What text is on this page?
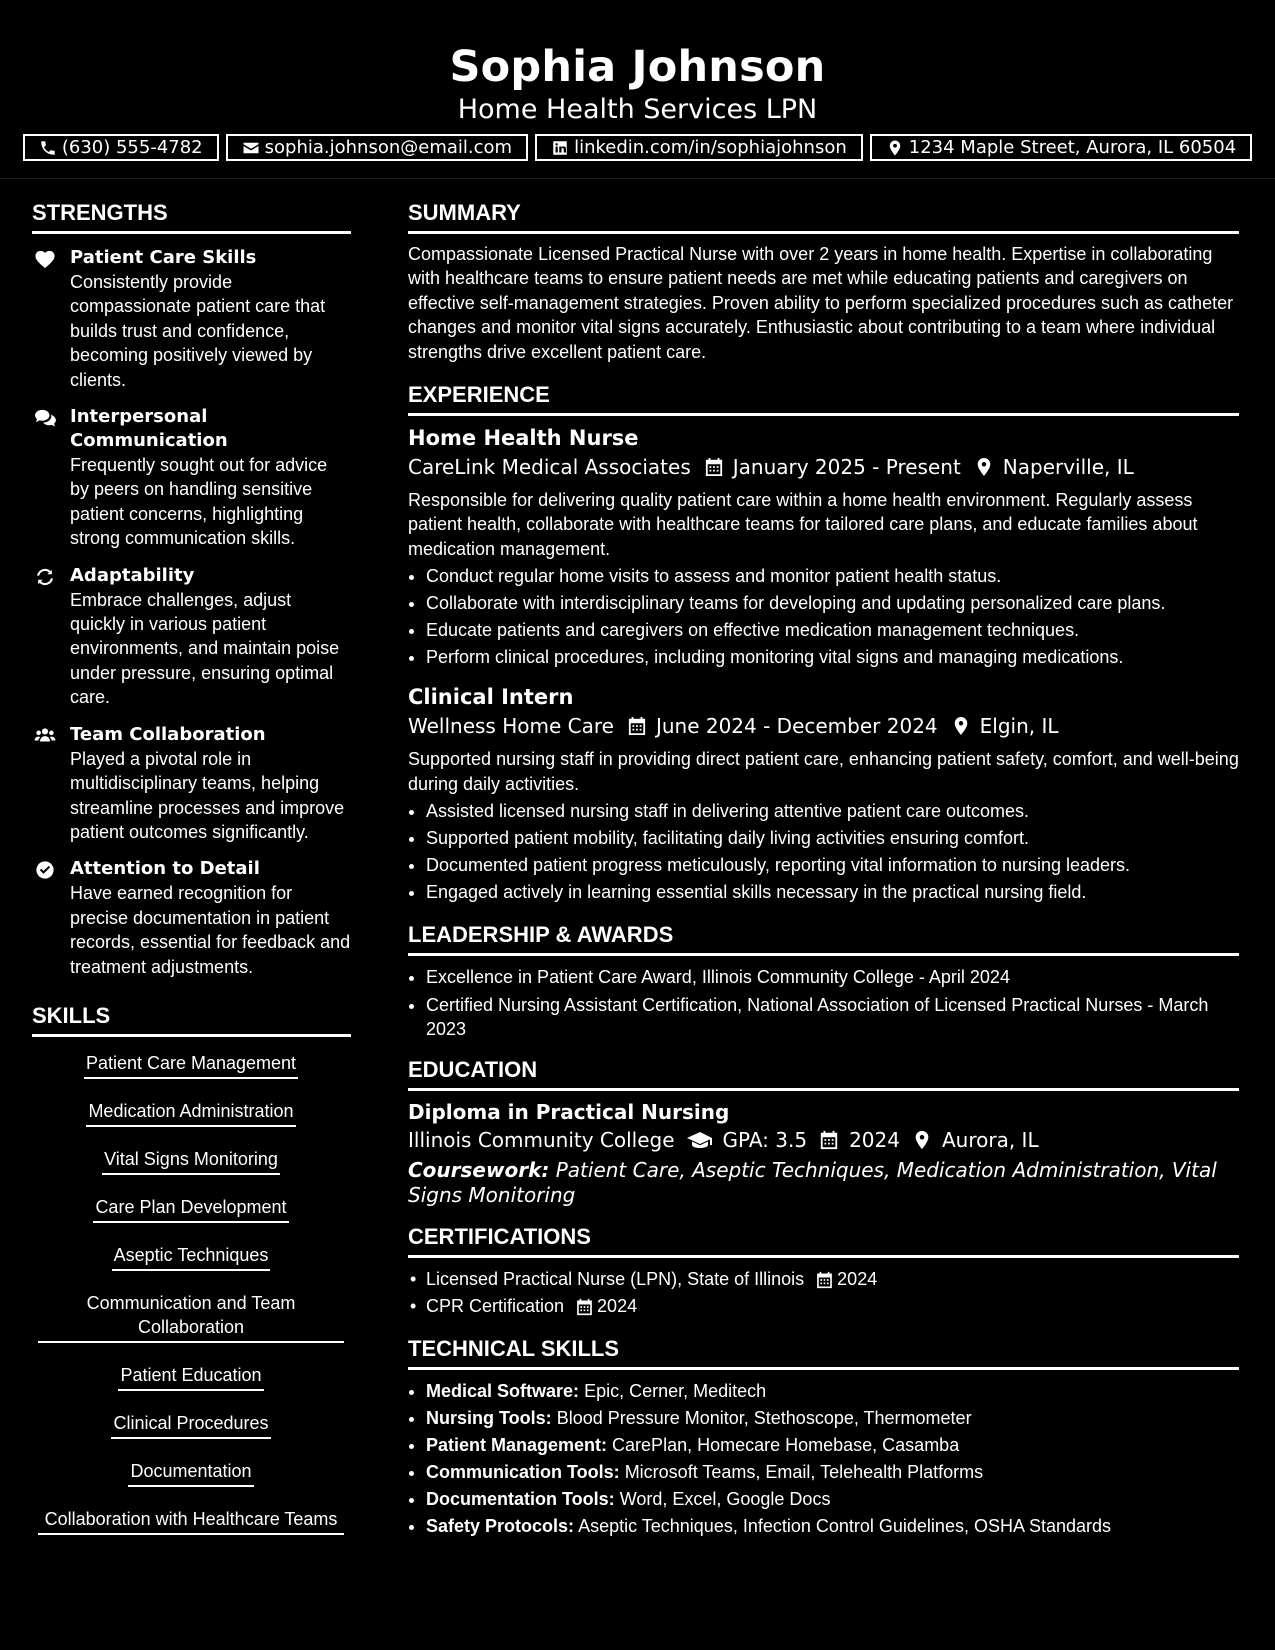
Sophia Johnson
Home Health Services LPN
(630) 555-4782	sophia.johnson@email.com	linkedin.com/in/sophiajohnson	1234 Maple Street, Aurora, IL 60504
STRENGTHS
Patient Care Skills
Consistently provide compassionate patient care that builds trust and confidence, becoming positively viewed by clients.
Interpersonal Communication
Frequently sought out for advice by peers on handling sensitive patient concerns, highlighting strong communication skills.
Adaptability
Embrace challenges, adjust quickly in various patient environments, and maintain poise under pressure, ensuring optimal care.
Team Collaboration
Played a pivotal role in multidisciplinary teams, helping streamline processes and improve patient outcomes significantly.
Attention to Detail
Have earned recognition for precise documentation in patient records, essential for feedback and treatment adjustments.
SKILLS
Patient Care Management
Medication Administration
Vital Signs Monitoring
Care Plan Development
Aseptic Techniques
Communication and Team Collaboration
Patient Education
Clinical Procedures
Documentation
Collaboration with Healthcare Teams
SUMMARY
Compassionate Licensed Practical Nurse with over 2 years in home health. Expertise in collaborating with healthcare teams to ensure patient needs are met while educating patients and caregivers on effective self-management strategies. Proven ability to perform specialized procedures such as catheter changes and monitor vital signs accurately. Enthusiastic about contributing to a team where individual strengths drive excellent patient care.
EXPERIENCE
Home Health Nurse
CareLink Medical Associates January 2025 - Present Naperville, IL
Responsible for delivering quality patient care within a home health environment. Regularly assess patient health, collaborate with healthcare teams for tailored care plans, and educate families about medication management.
• Conduct regular home visits to assess and monitor patient health status.
• Collaborate with interdisciplinary teams for developing and updating personalized care plans.
• Educate patients and caregivers on effective medication management techniques.
• Perform clinical procedures, including monitoring vital signs and managing medications.
Clinical Intern
Wellness Home Care June 2024 - December 2024 Elgin, IL
Supported nursing staff in providing direct patient care, enhancing patient safety, comfort, and well-being during daily activities.
• Assisted licensed nursing staff in delivering attentive patient care outcomes.
• Supported patient mobility, facilitating daily living activities ensuring comfort.
• Documented patient progress meticulously, reporting vital information to nursing leaders.
• Engaged actively in learning essential skills necessary in the practical nursing field.
LEADERSHIP & AWARDS
• Excellence in Patient Care Award, Illinois Community College - April 2024
• Certified Nursing Assistant Certification, National Association of Licensed Practical Nurses - March 2023
EDUCATION
Diploma in Practical Nursing
Illinois Community College GPA: 3.5 2024 Aurora, IL
Coursework: Patient Care, Aseptic Techniques, Medication Administration, Vital Signs Monitoring
CERTIFICATIONS
• Licensed Practical Nurse (LPN), State of Illinois 2024
• CPR Certification 2024
TECHNICAL SKILLS
• Medical Software: Epic, Cerner, Meditech
• Nursing Tools: Blood Pressure Monitor, Stethoscope, Thermometer
• Patient Management: CarePlan, Homecare Homebase, Casamba
• Communication Tools: Microsoft Teams, Email, Telehealth Platforms
• Documentation Tools: Word, Excel, Google Docs
• Safety Protocols: Aseptic Techniques, Infection Control Guidelines, OSHA Standards
